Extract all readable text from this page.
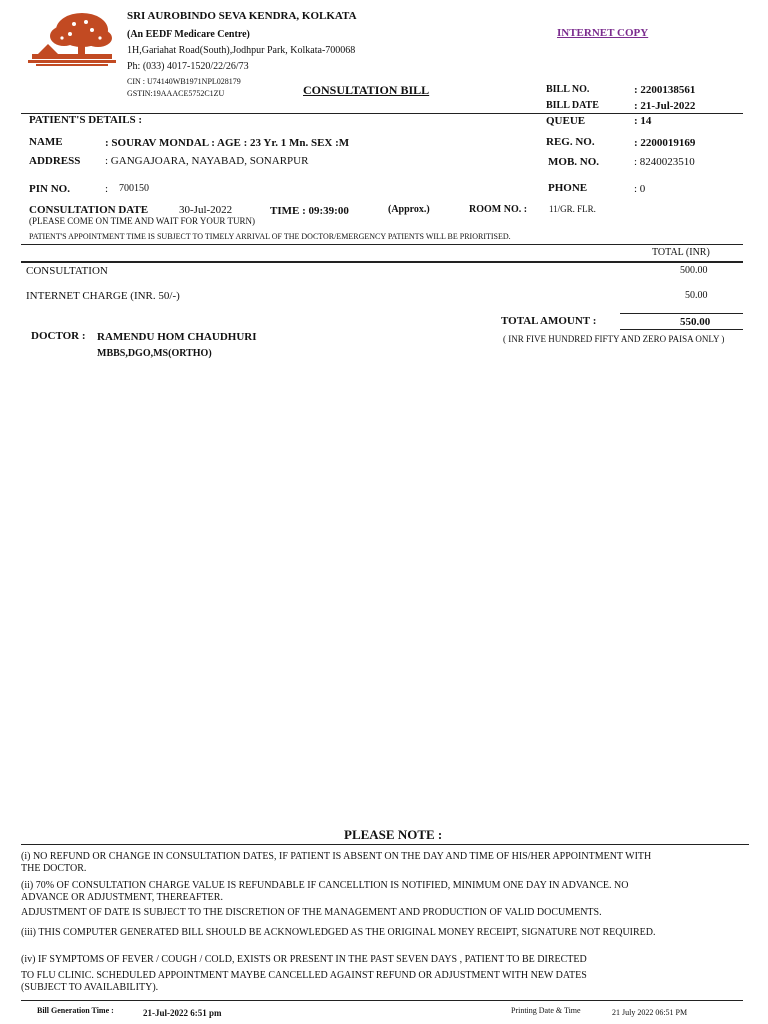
SRI AUROBINDO SEVA KENDRA, KOLKATA
(An EEDF Medicare Centre)
1H,Gariahat Road(South),Jodhpur Park, Kolkata-700068
Ph: (033) 4017-1520/22/26/73
CIN : U74140WB1971NPL028179
GSTIN:19AAACE5752C1ZU
INTERNET COPY
CONSULTATION BILL	BILL NO.	: 2200138561
BILL DATE	: 21-Jul-2022
PATIENT'S DETAILS :	QUEUE	: 14
NAME	: SOURAV MONDAL : AGE : 23 Yr. 1 Mn. SEX :M	REG. NO.	: 2200019169
ADDRESS : GANGAJOARA, NAYABAD, SONARPUR	MOB. NO.	: 8240023510
PIN NO.	: 700150	PHONE	: 0
CONSULTATION DATE	30-Jul-2022	TIME : 09:39:00	(Approx.)	ROOM NO. : 11/GR. FLR.
(PLEASE COME ON TIME AND WAIT FOR YOUR TURN)
PATIENT'S APPOINTMENT TIME IS SUBJECT TO TIMELY ARRIVAL OF THE DOCTOR/EMERGENCY PATIENTS WILL BE PRIORITISED.
TOTAL (INR)
CONSULTATION	500.00
INTERNET CHARGE (INR. 50/-)	50.00
TOTAL AMOUNT :	550.00
( INR FIVE HUNDRED FIFTY AND ZERO PAISA ONLY )
DOCTOR : RAMENDU HOM CHAUDHURI
MBBS,DGO,MS(ORTHO)
PLEASE NOTE :
(i) NO REFUND OR CHANGE IN CONSULTATION DATES, IF PATIENT IS ABSENT ON THE DAY AND TIME OF HIS/HER APPOINTMENT WITH THE DOCTOR.
(ii) 70% OF CONSULTATION CHARGE VALUE IS REFUNDABLE IF CANCELLTION IS NOTIFIED, MINIMUM ONE DAY IN ADVANCE. NO ADVANCE OR ADJUSTMENT, THEREAFTER.
ADJUSTMENT OF DATE IS SUBJECT TO THE DISCRETION OF THE MANAGEMENT AND PRODUCTION OF VALID DOCUMENTS.
(iii) THIS COMPUTER GENERATED BILL SHOULD BE ACKNOWLEDGED AS THE ORIGINAL MONEY RECEIPT, SIGNATURE NOT REQUIRED.
(iv) IF SYMPTOMS OF FEVER / COUGH / COLD, EXISTS OR PRESENT IN THE PAST SEVEN DAYS , PATIENT TO BE DIRECTED
TO FLU CLINIC. SCHEDULED APPOINTMENT MAYBE CANCELLED AGAINST REFUND OR ADJUSTMENT WITH NEW DATES
(SUBJECT TO AVAILABILITY).
Bill Generation Time :	21-Jul-2022 6:51 pm	Printing Date & Time	21 July 2022 06:51 PM
